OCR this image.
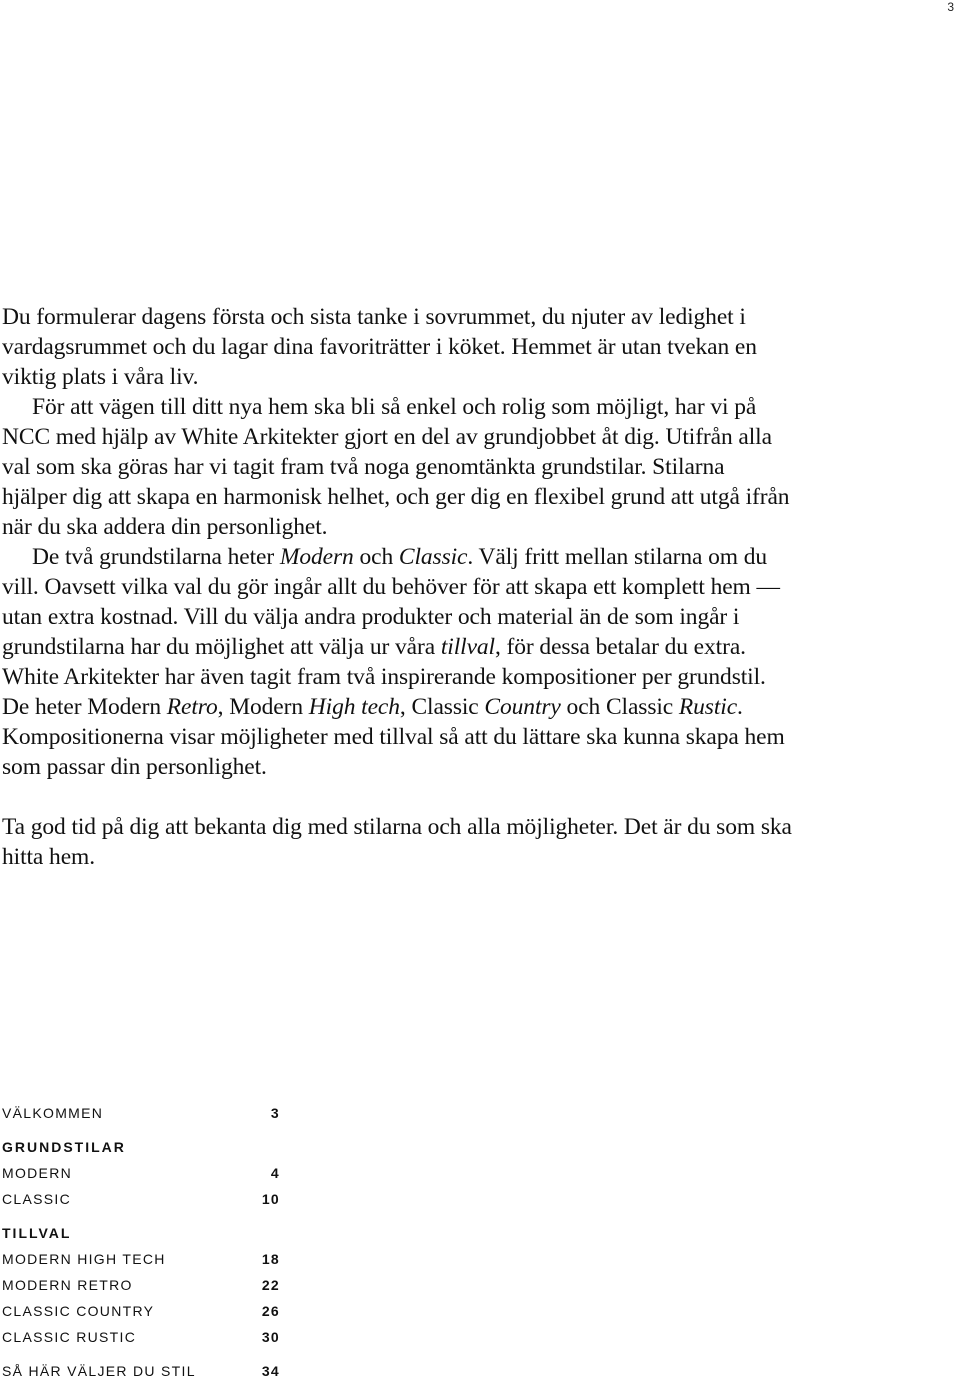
3

Du formulerar dagens första och sista tanke i sovrummet, du njuter av ledighet i vardagsrummet och du lagar dina favoriträtter i köket. Hemmet är utan tvekan en viktig plats i våra liv.

För att vägen till ditt nya hem ska bli så enkel och rolig som möjligt, har vi på NCC med hjälp av White Arkitekter gjort en del av grundjobbet åt dig. Utifrån alla val som ska göras har vi tagit fram två noga genomtänkta grundstilar. Stilarna hjälper dig att skapa en harmonisk helhet, och ger dig en flexibel grund att utgå ifrån när du ska addera din personlighet.

De två grundstilarna heter Modern och Classic. Välj fritt mellan stilarna om du vill. Oavsett vilka val du gör ingår allt du behöver för att skapa ett komplett hem — utan extra kostnad. Vill du välja andra produkter och material än de som ingår i grundstilarna har du möjlighet att välja ur våra tillval, för dessa betalar du extra. White Arkitekter har även tagit fram två inspirerande kompositioner per grundstil. De heter Modern Retro, Modern High tech, Classic Country och Classic Rustic. Kompositionerna visar möjligheter med tillval så att du lättare ska kunna skapa hem som passar din personlighet.

Ta god tid på dig att bekanta dig med stilarna och alla möjligheter. Det är du som ska hitta hem.

VÄLKOMMEN	3
GRUNDSTILAR
MODERN	4
CLASSIC	10
TILLVAL
MODERN HIGH TECH	18
MODERN RETRO	22
CLASSIC COUNTRY	26
CLASSIC RUSTIC	30
SÅ HÄR VÄLJER DU STIL	34
